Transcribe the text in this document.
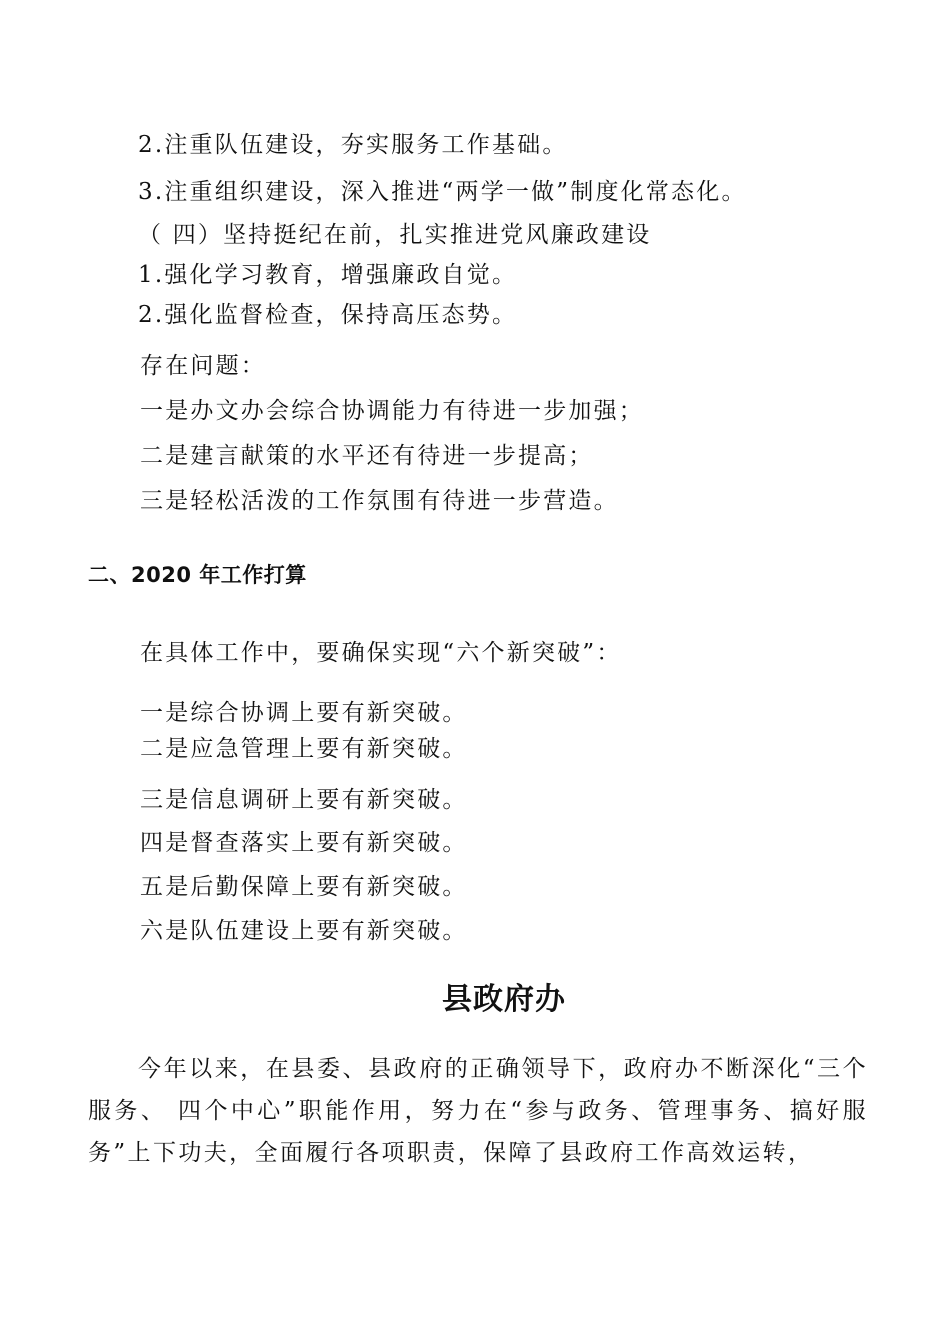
2.注重队伍建设，夯实服务工作基础。
3.注重组织建设，深入推进“两学一做”制度化常态化。
（ 四）坚持挺纪在前，扎实推进党风廉政建设
1.强化学习教育，增强廉政自觉。
2.强化监督检查，保持高压态势。
存在问题：
一是办文办会综合协调能力有待进一步加强；
二是建言献策的水平还有待进一步提高；
三是轻松活泼的工作氛围有待进一步营造。
二、2020 年工作打算
在具体工作中，要确保实现“六个新突破”：
一是综合协调上要有新突破。
二是应急管理上要有新突破。
三是信息调研上要有新突破。
四是督查落实上要有新突破。
五是后勤保障上要有新突破。
六是队伍建设上要有新突破。
县政府办
今年以来，在县委、县政府的正确领导下，政府办不断深化“三个服务、 四个中心”职能作用，努力在“参与政务、管理事务、搞好服务”上下功夫，全面履行各项职责，保障了县政府工作高效运转，
